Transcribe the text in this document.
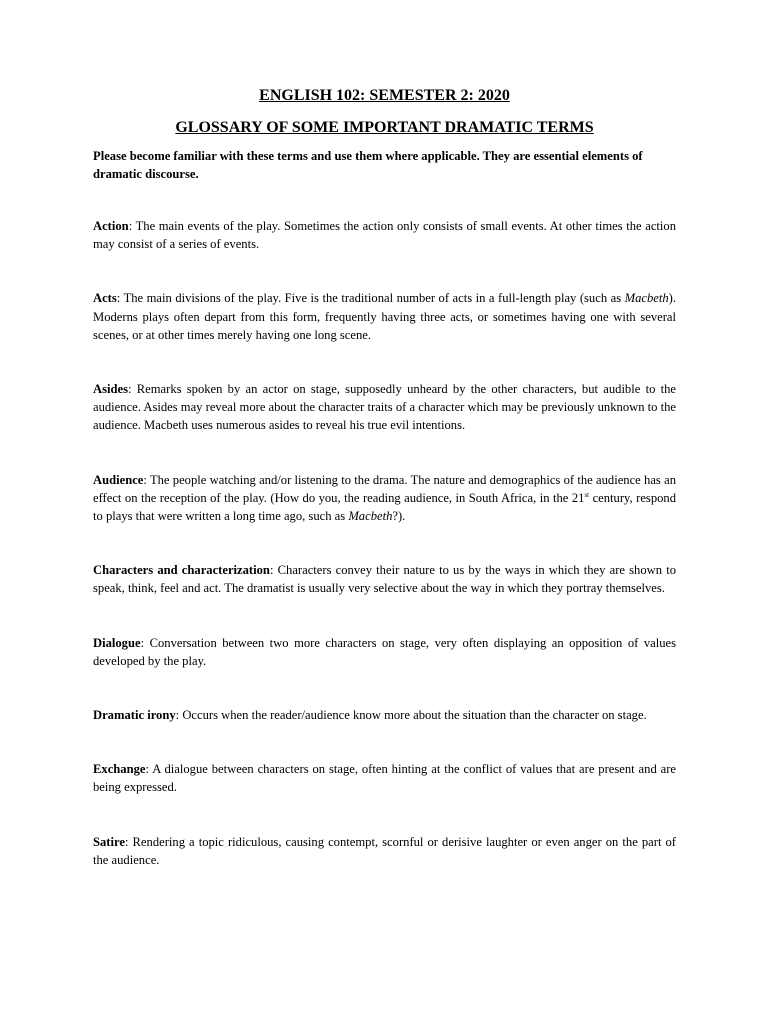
ENGLISH 102: SEMESTER 2: 2020
GLOSSARY OF SOME IMPORTANT DRAMATIC TERMS

Please become familiar with these terms and use them where applicable. They are essential elements of dramatic discourse.

Action: The main events of the play. Sometimes the action only consists of small events. At other times the action may consist of a series of events.

Acts: The main divisions of the play. Five is the traditional number of acts in a full-length play (such as Macbeth). Moderns plays often depart from this form, frequently having three acts, or sometimes having one with several scenes, or at other times merely having one long scene.

Asides: Remarks spoken by an actor on stage, supposedly unheard by the other characters, but audible to the audience. Asides may reveal more about the character traits of a character which may be previously unknown to the audience. Macbeth uses numerous asides to reveal his true evil intentions.

Audience: The people watching and/or listening to the drama. The nature and demographics of the audience has an effect on the reception of the play. (How do you, the reading audience, in South Africa, in the 21st century, respond to plays that were written a long time ago, such as Macbeth?).

Characters and characterization: Characters convey their nature to us by the ways in which they are shown to speak, think, feel and act. The dramatist is usually very selective about the way in which they portray themselves.

Dialogue: Conversation between two more characters on stage, very often displaying an opposition of values developed by the play.

Dramatic irony: Occurs when the reader/audience know more about the situation than the character on stage.

Exchange: A dialogue between characters on stage, often hinting at the conflict of values that are present and are being expressed.

Satire: Rendering a topic ridiculous, causing contempt, scornful or derisive laughter or even anger on the part of the audience.
